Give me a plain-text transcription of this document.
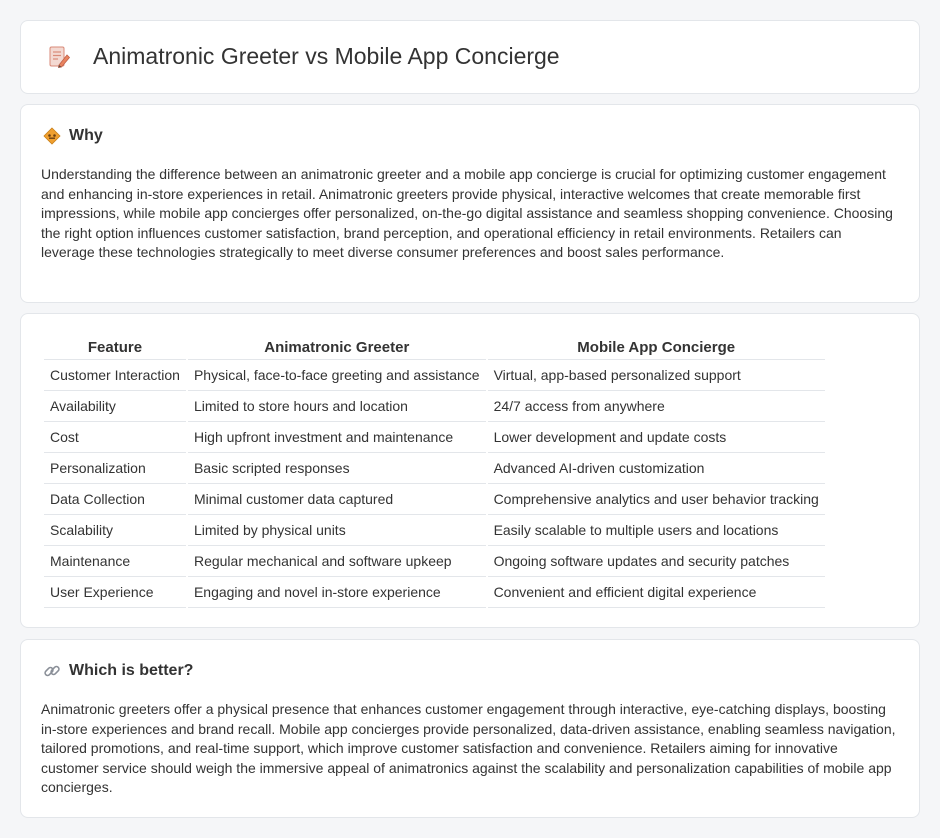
Animatronic Greeter vs Mobile App Concierge
Why

Understanding the difference between an animatronic greeter and a mobile app concierge is crucial for optimizing customer engagement and enhancing in-store experiences in retail. Animatronic greeters provide physical, interactive welcomes that create memorable first impressions, while mobile app concierges offer personalized, on-the-go digital assistance and seamless shopping convenience. Choosing the right option influences customer satisfaction, brand perception, and operational efficiency in retail environments. Retailers can leverage these technologies strategically to meet diverse consumer preferences and boost sales performance.

Feature	Animatronic Greeter	Mobile App Concierge
Customer Interaction	Physical, face-to-face greeting and assistance	Virtual, app-based personalized support
Availability	Limited to store hours and location	24/7 access from anywhere
Cost	High upfront investment and maintenance	Lower development and update costs
Personalization	Basic scripted responses	Advanced AI-driven customization
Data Collection	Minimal customer data captured	Comprehensive analytics and user behavior tracking
Scalability	Limited by physical units	Easily scalable to multiple users and locations
Maintenance	Regular mechanical and software upkeep	Ongoing software updates and security patches
User Experience	Engaging and novel in-store experience	Convenient and efficient digital experience
Which is better?

Animatronic greeters offer a physical presence that enhances customer engagement through interactive, eye-catching displays, boosting in-store experiences and brand recall. Mobile app concierges provide personalized, data-driven assistance, enabling seamless navigation, tailored promotions, and real-time support, which improve customer satisfaction and convenience. Retailers aiming for innovative customer service should weigh the immersive appeal of animatronics against the scalability and personalization capabilities of mobile app concierges.
